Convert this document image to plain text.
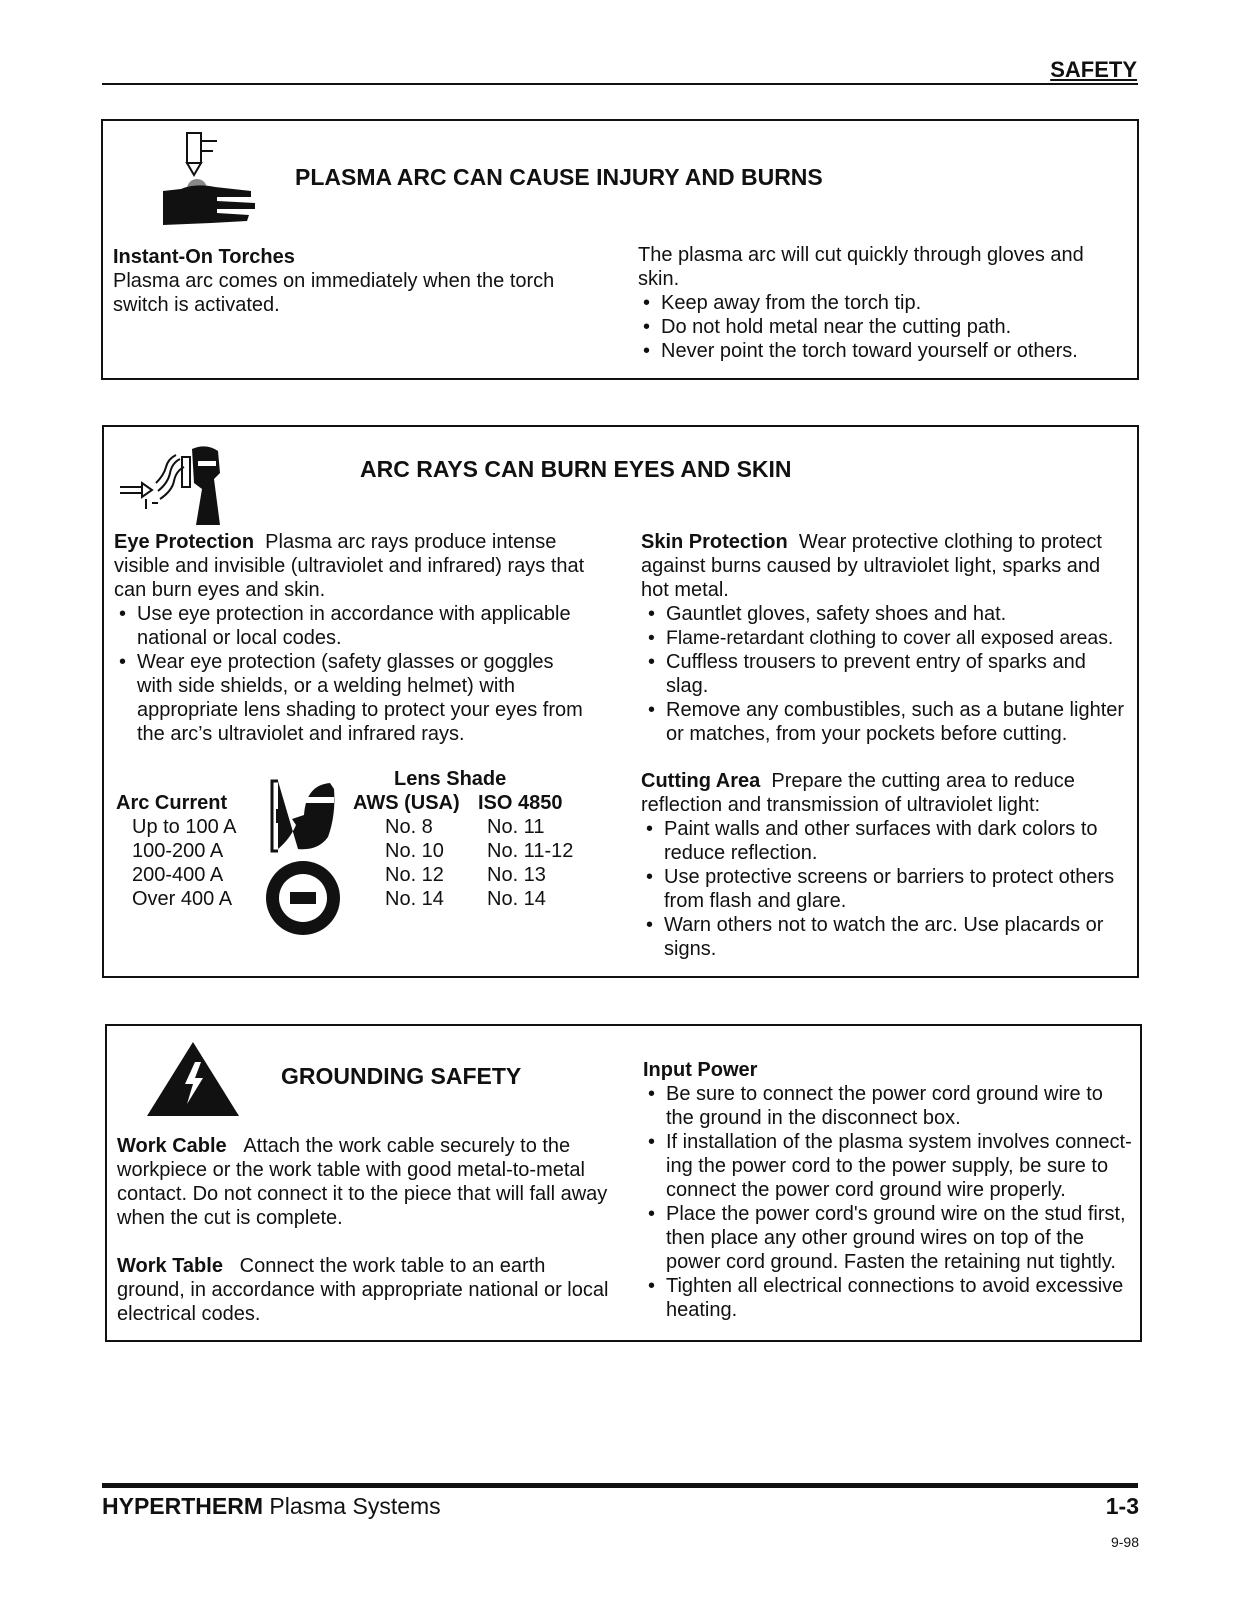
SAFETY
PLASMA ARC CAN CAUSE INJURY AND BURNS

Instant-On Torches

Plasma arc comes on immediately when the torch switch is activated.

The plasma arc will cut quickly through gloves and skin.

• Keep away from the torch tip.
• Do not hold metal near the cutting path.
• Never point the torch toward yourself or others.
ARC RAYS CAN BURN EYES AND SKIN

Eye Protection Plasma arc rays produce intense visible and invisible (ultraviolet and infrared) rays that can burn eyes and skin.

• Use eye protection in accordance with applicable national or local codes.
• Wear eye protection (safety glasses or goggles with side shields, or a welding helmet) with appropriate lens shading to protect your eyes from the arc’s ultraviolet and infrared rays.

Skin Protection Wear protective clothing to protect against burns caused by ultraviolet light, sparks and hot metal.

• Gauntlet gloves, safety shoes and hat.
• Flame-retardant clothing to cover all exposed areas.
• Cuffless trousers to prevent entry of sparks and slag.
• Remove any combustibles, such as a butane lighter or matches, from your pockets before cutting.
Lens Shade
Arc Current	AWS (USA) ISO 4850
Up to 100 A	No. 8	No. 11
100-200 A	No. 10 No. 11-12
200-400 A	No. 12 No. 13
Over 400 A	No. 14 No. 14

Cutting Area Prepare the cutting area to reduce reflection and transmission of ultraviolet light:

• Paint walls and other surfaces with dark colors to reduce reflection.
• Use protective screens or barriers to protect others from flash and glare.
• Warn others not to watch the arc. Use placards or signs.
GROUNDING SAFETY

Work Cable Attach the work cable securely to the workpiece or the work table with good metal-to-metal contact. Do not connect it to the piece that will fall away when the cut is complete.

Work Table Connect the work table to an earth ground, in accordance with appropriate national or local electrical codes.

Input Power

• Be sure to connect the power cord ground wire to the ground in the disconnect box.
• If installation of the plasma system involves connect-ing the power cord to the power supply, be sure to connect the power cord ground wire properly.
• Place the power cord's ground wire on the stud first, then place any other ground wires on top of the power cord ground. Fasten the retaining nut tightly.
• Tighten all electrical connections to avoid excessive heating.
HYPERTHERM Plasma Systems	1-3
9-98
